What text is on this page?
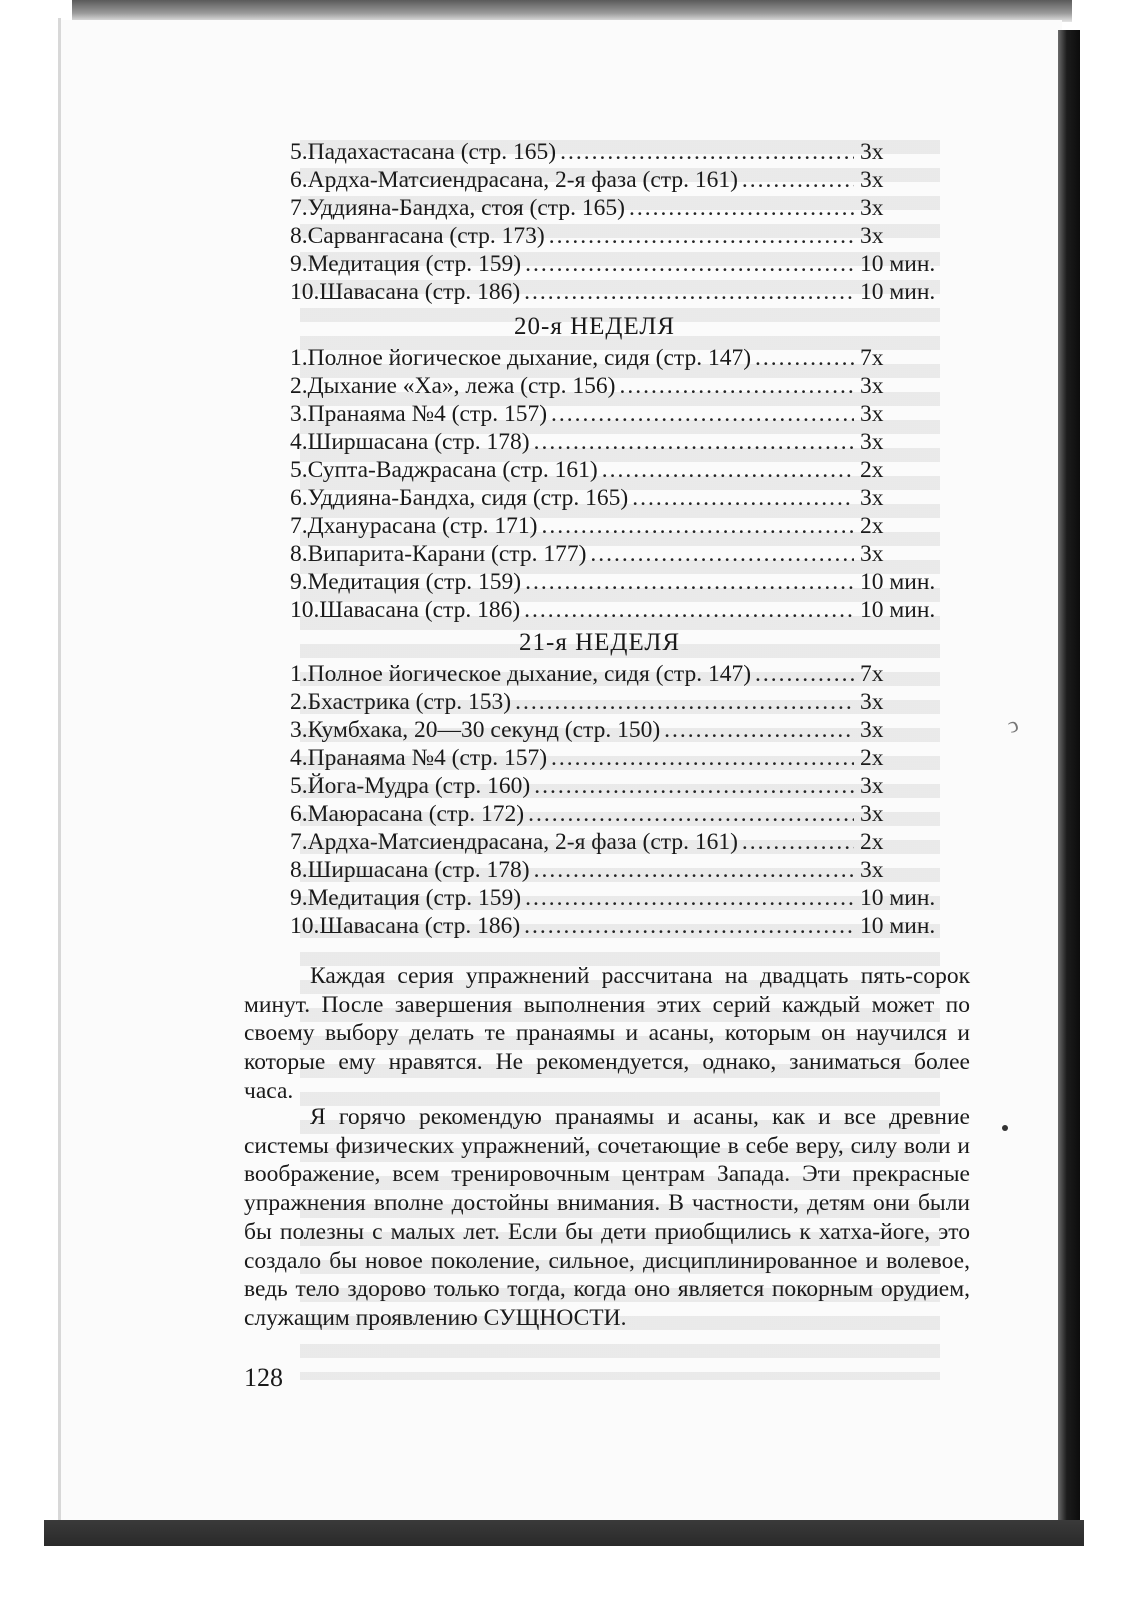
5.Падахастасана (стр. 165) .....	3х
6.Ардха-Матсиендрасана, 2-я фаза (стр. 161) .....	3х
7.Уддияна-Бандха, стоя (стр. 165) .....	3х
8.Сарвангасана (стр. 173) .....	3х
9.Медитация (стр. 159) .....	10 мин.
10.Шавасана (стр. 186) .....	10 мин.
20-я НЕДЕЛЯ
1.Полное йогическое дыхание, сидя (стр. 147) .....	7х
2.Дыхание «Ха», лежа (стр. 156) .....	3х
3.Пранаяма №4 (стр. 157) .....	3х
4.Ширшасана (стр. 178) .....	3х
5.Супта-Ваджрасана (стр. 161) .....	2х
6.Уддияна-Бандха, сидя (стр. 165) .....	3х
7.Дханурасана (стр. 171) .....	2х
8.Випарита-Карани (стр. 177) .....	3х
9.Медитация (стр. 159) .....	10 мин.
10.Шавасана (стр. 186) .....	10 мин.
21-я НЕДЕЛЯ
1.Полное йогическое дыхание, сидя (стр. 147) .....	7х
2.Бхастрика (стр. 153) .....	3х
3.Кумбхака, 20—30 секунд (стр. 150) .....	3х
4.Пранаяма №4 (стр. 157) .....	2х
5.Йога-Мудра (стр. 160) .....	3х
6.Маюрасана (стр. 172) .....	3х
7.Ардха-Матсиендрасана, 2-я фаза (стр. 161) .....	2х
8.Ширшасана (стр. 178) .....	3х
9.Медитация (стр. 159) .....	10 мин.
10.Шавасана (стр. 186) .....	10 мин.

Каждая серия упражнений рассчитана на двадцать пять-сорок минут. После завершения выполнения этих серий каждый может по своему выбору делать те пранаямы и асаны, которым он научился и которые ему нравятся. Не рекомендуется, однако, заниматься более часа.

Я горячо рекомендую пранаямы и асаны, как и все древние системы физических упражнений, сочетающие в себе веру, силу воли и воображение, всем тренировочным центрам Запада. Эти прекрасные упражнения вполне достойны внимания. В частности, детям они были бы полезны с малых лет. Если бы дети приобщились к хатха-йоге, это создало бы новое поколение, сильное, дисциплинированное и волевое, ведь тело здорово только тогда, когда оно является покорным орудием, служащим проявлению СУЩНОСТИ.

128
ↄ
